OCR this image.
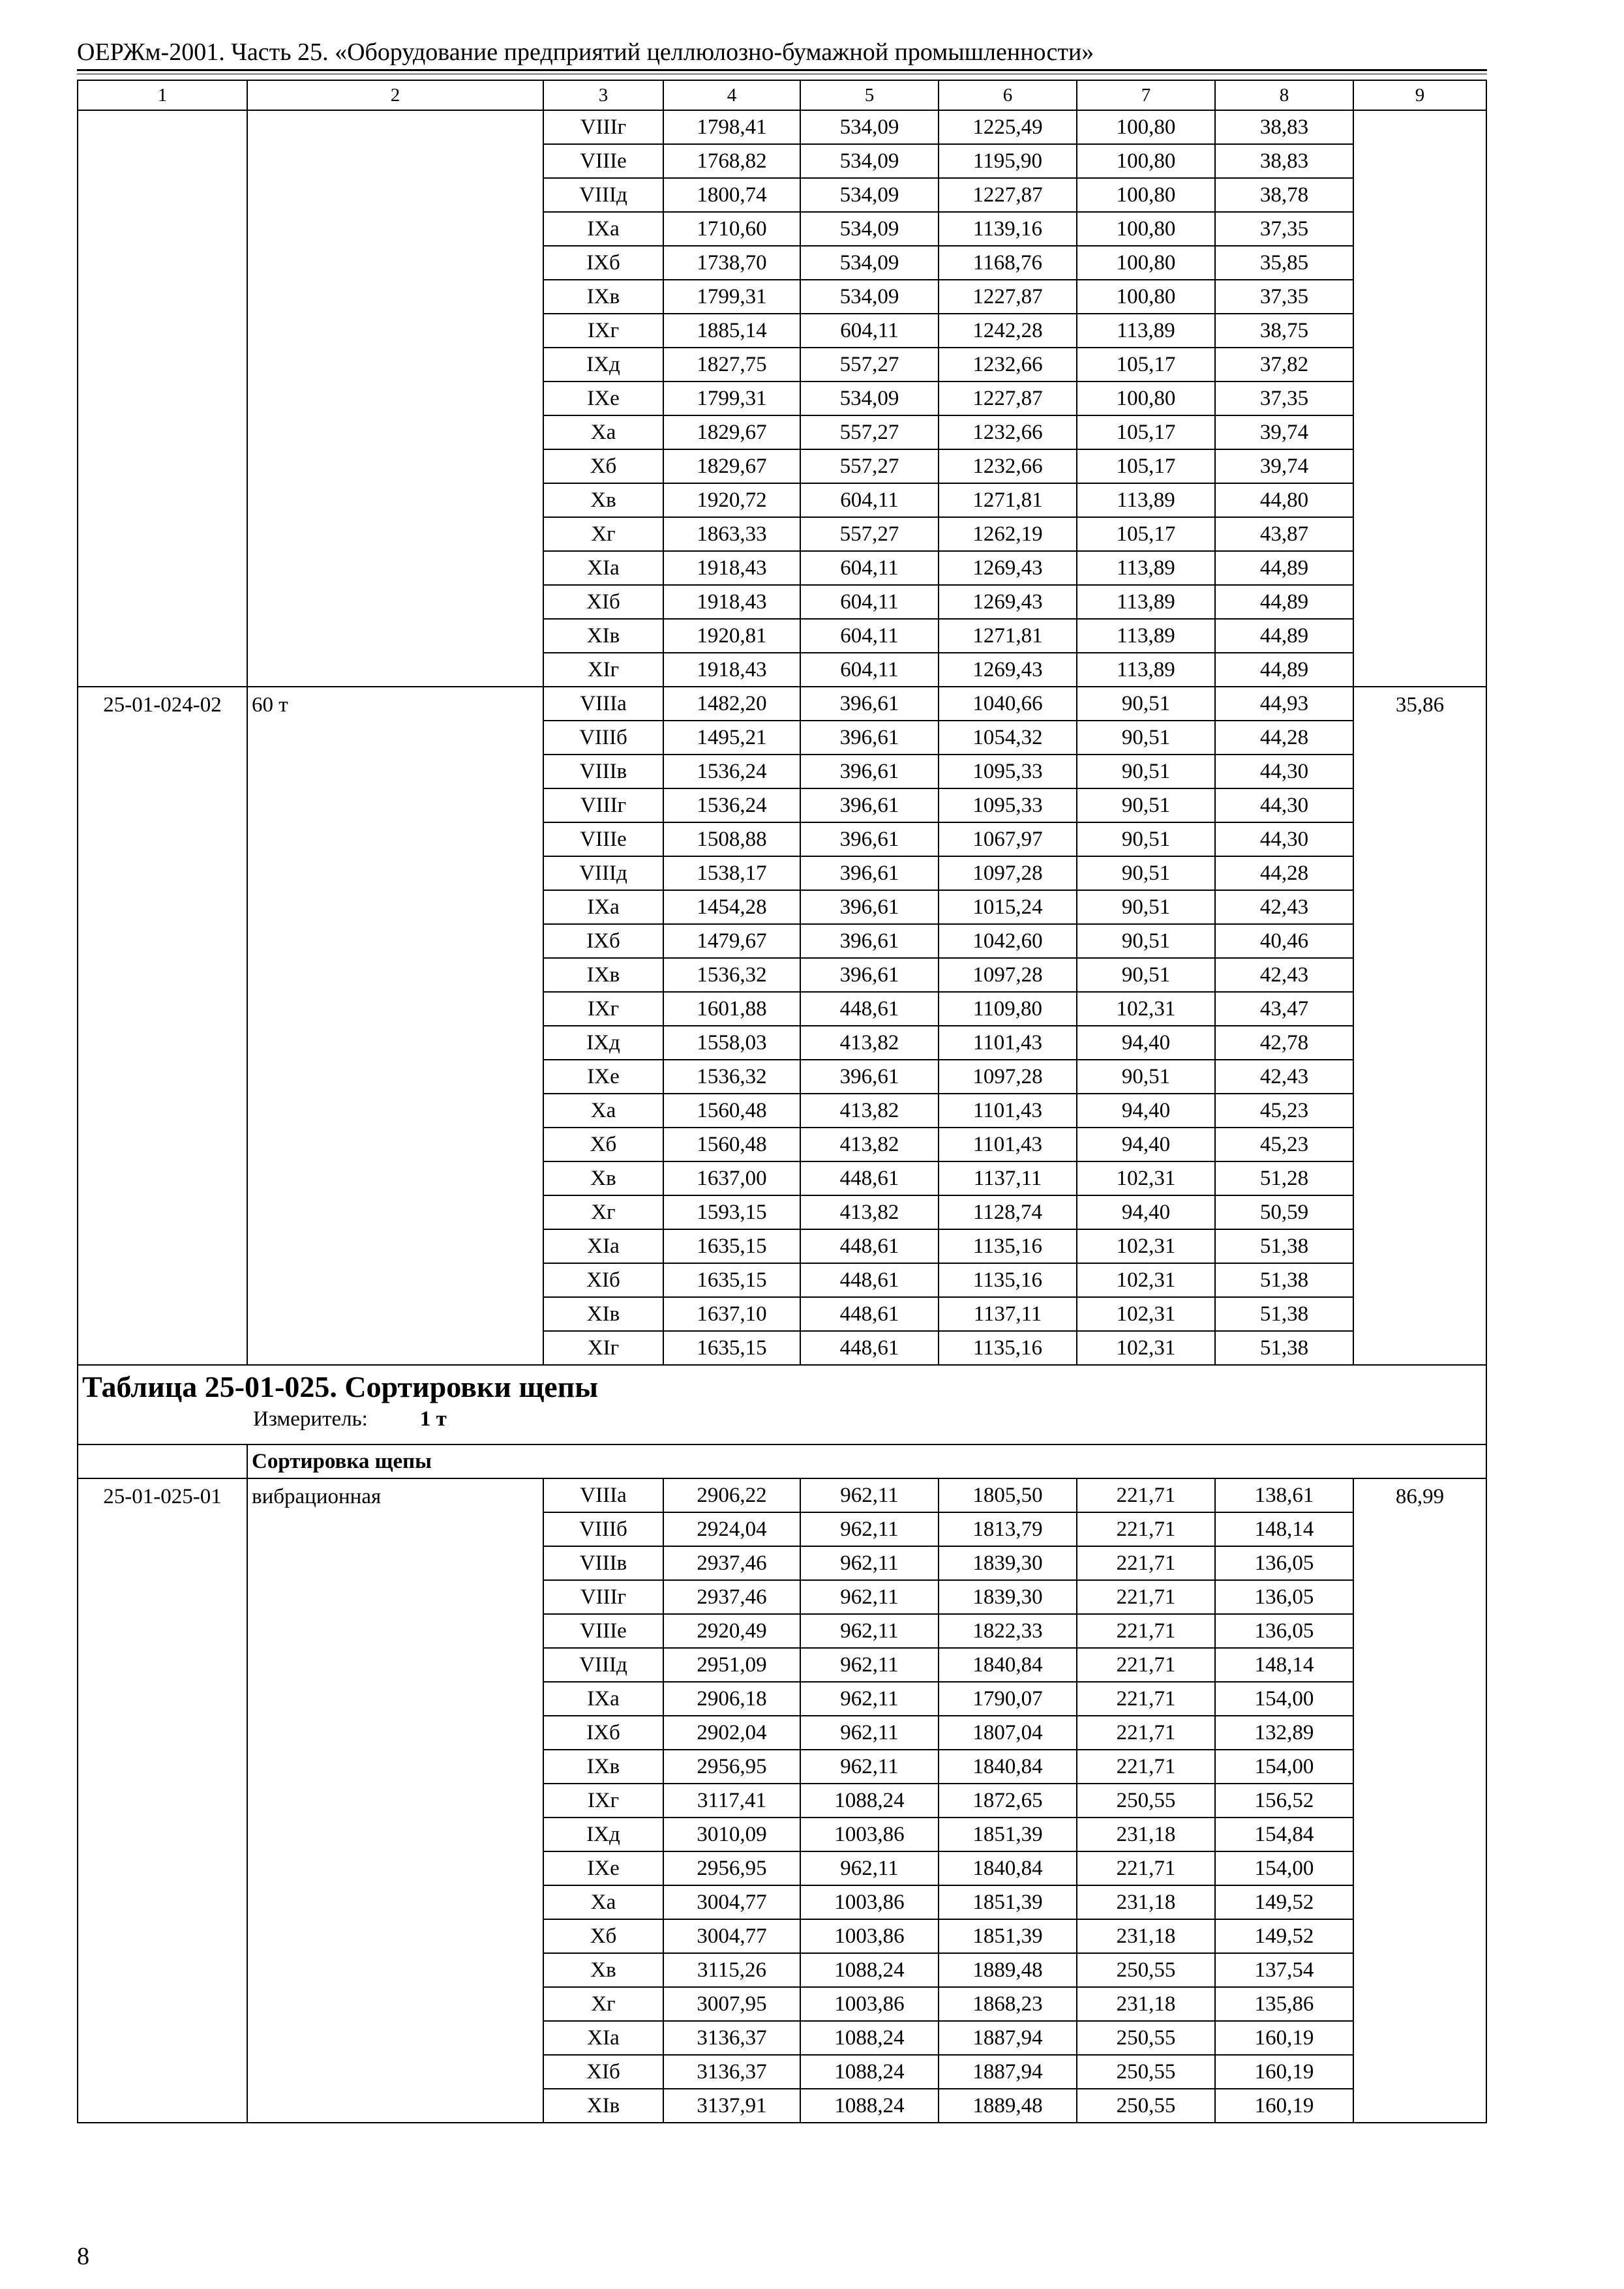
ОЕРЖм-2001. Часть 25. «Оборудование предприятий целлюлозно-бумажной промышленности»
1	2	3	4	5	6	7	8	9
		VIIIг	1798,41	534,09	1225,49	100,80	38,83	
		VIIIе	1768,82	534,09	1195,90	100,80	38,83	
		VIIIд	1800,74	534,09	1227,87	100,80	38,78	
		IXа	1710,60	534,09	1139,16	100,80	37,35	
		IXб	1738,70	534,09	1168,76	100,80	35,85	
		IXв	1799,31	534,09	1227,87	100,80	37,35	
		IXг	1885,14	604,11	1242,28	113,89	38,75	
		IXд	1827,75	557,27	1232,66	105,17	37,82	
		IXе	1799,31	534,09	1227,87	100,80	37,35	
		Xа	1829,67	557,27	1232,66	105,17	39,74	
		Xб	1829,67	557,27	1232,66	105,17	39,74	
		Xв	1920,72	604,11	1271,81	113,89	44,80	
		Xг	1863,33	557,27	1262,19	105,17	43,87	
		XIа	1918,43	604,11	1269,43	113,89	44,89	
		XIб	1918,43	604,11	1269,43	113,89	44,89	
		XIв	1920,81	604,11	1271,81	113,89	44,89	
		XIг	1918,43	604,11	1269,43	113,89	44,89	
25-01-024-02	60 т	VIIIа	1482,20	396,61	1040,66	90,51	44,93	35,86
		VIIIб	1495,21	396,61	1054,32	90,51	44,28	
		VIIIв	1536,24	396,61	1095,33	90,51	44,30	
		VIIIг	1536,24	396,61	1095,33	90,51	44,30	
		VIIIе	1508,88	396,61	1067,97	90,51	44,30	
		VIIIд	1538,17	396,61	1097,28	90,51	44,28	
		IXа	1454,28	396,61	1015,24	90,51	42,43	
		IXб	1479,67	396,61	1042,60	90,51	40,46	
		IXв	1536,32	396,61	1097,28	90,51	42,43	
		IXг	1601,88	448,61	1109,80	102,31	43,47	
		IXд	1558,03	413,82	1101,43	94,40	42,78	
		IXе	1536,32	396,61	1097,28	90,51	42,43	
		Xа	1560,48	413,82	1101,43	94,40	45,23	
		Xб	1560,48	413,82	1101,43	94,40	45,23	
		Xв	1637,00	448,61	1137,11	102,31	51,28	
		Xг	1593,15	413,82	1128,74	94,40	50,59	
		XIа	1635,15	448,61	1135,16	102,31	51,38	
		XIб	1635,15	448,61	1135,16	102,31	51,38	
		XIв	1637,10	448,61	1137,11	102,31	51,38	
		XIг	1635,15	448,61	1135,16	102,31	51,38	

Таблица 25-01-025. Сортировки щепы
Измеритель: 1 т								

	Сортировка щепы							
25-01-025-01	вибрационная	VIIIа	2906,22	962,11	1805,50	221,71	138,61	86,99
		VIIIб	2924,04	962,11	1813,79	221,71	148,14	
		VIIIв	2937,46	962,11	1839,30	221,71	136,05	
		VIIIг	2937,46	962,11	1839,30	221,71	136,05	
		VIIIе	2920,49	962,11	1822,33	221,71	136,05	
		VIIIд	2951,09	962,11	1840,84	221,71	148,14	
		IXа	2906,18	962,11	1790,07	221,71	154,00	
		IXб	2902,04	962,11	1807,04	221,71	132,89	
		IXв	2956,95	962,11	1840,84	221,71	154,00	
		IXг	3117,41	1088,24	1872,65	250,55	156,52	
		IXд	3010,09	1003,86	1851,39	231,18	154,84	
		IXе	2956,95	962,11	1840,84	221,71	154,00	
		Xа	3004,77	1003,86	1851,39	231,18	149,52	
		Xб	3004,77	1003,86	1851,39	231,18	149,52	
		Xв	3115,26	1088,24	1889,48	250,55	137,54	
		Xг	3007,95	1003,86	1868,23	231,18	135,86	
		XIа	3136,37	1088,24	1887,94	250,55	160,19	
		XIб	3136,37	1088,24	1887,94	250,55	160,19	
		XIв	3137,91	1088,24	1889,48	250,55	160,19	
8
